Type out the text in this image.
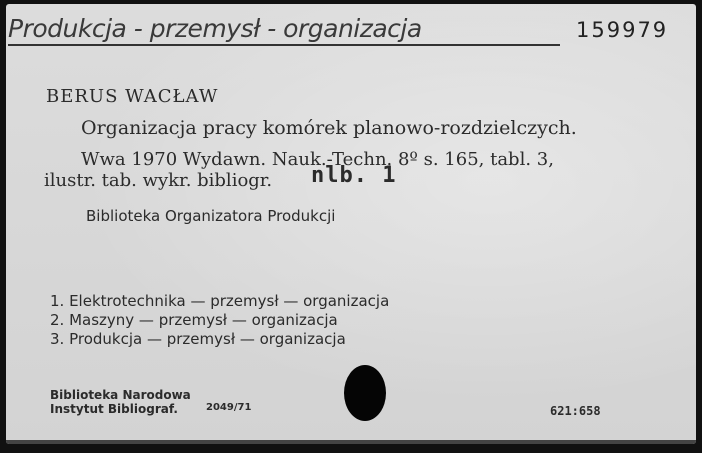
Produkcja - przemysł - organizacja	159979
BERUS WACŁAW
Organizacja pracy komórek planowo-rozdzielczych.
Wwa 1970 Wydawn. Nauk.-Techn. 8º s. 165, tabl. 3,
ilustr. tab. wykr. bibliogr. nlb. 1
Biblioteka Organizatora Produkcji
1. Elektrotechnika — przemysł — organizacja
2. Maszyny — przemysł — organizacja
3. Produkcja — przemysł — organizacja
Biblioteka Narodowa
Instytut Bibliograf.	2049/71	621:658
